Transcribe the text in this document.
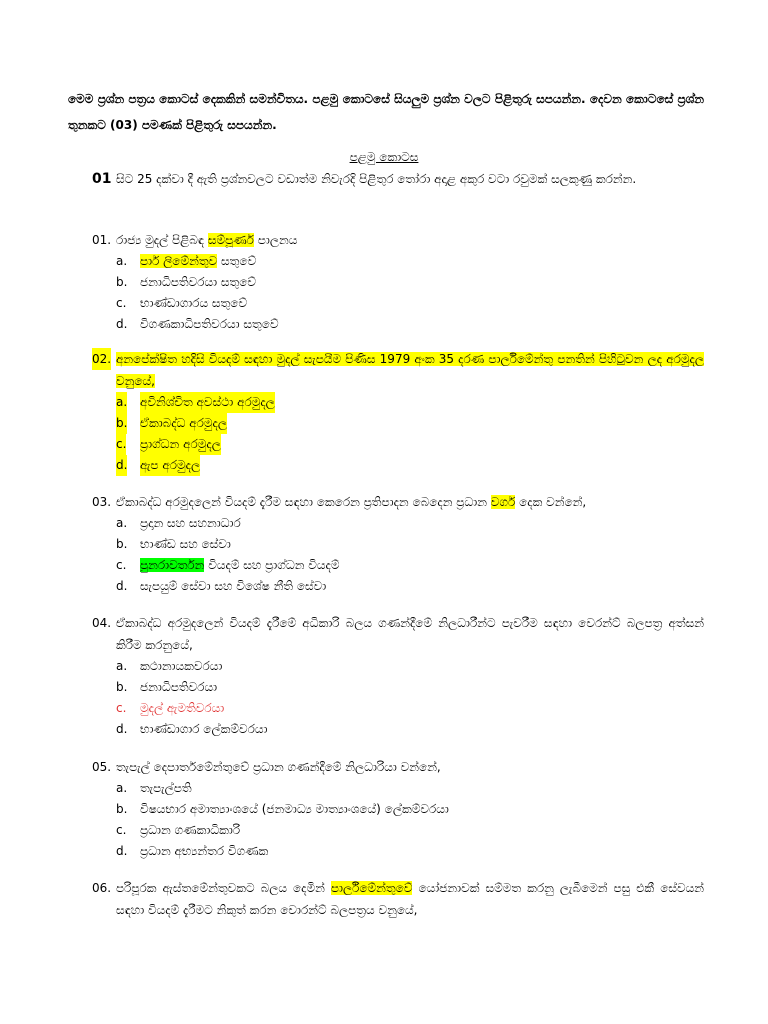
මෙම ප්‍රශ්න පත්‍රය කොටස් දෙකකින් සමන්විතය. පළමු කොටසේ සියලුම ප්‍රශ්න වලට පිළිතුරු සපයන්න. දෙවන කොටසේ ප්‍රශ්න තුනකට (03) පමණක් පිළිතුරු සපයන්න.
පළමු කොටස
01 සිට 25 දක්වා දී ඇති ප්‍රශ්නවලට වඩාත්ම නිවැරදි පිළිතුර තෝරා අදාළ අකුර වටා රවුමක් සලකුණු කරන්න.
01. රාජ්‍ය මුදල් පිළිබඳ සම්පූර්ණ පාලනය
a. පාර් ලිමේන්තුව සතුවේ
b. ජනාධිපතිවරයා සතුවේ
c. භාණ්ඩාගාරය සතුවේ
d. විගණකාධිපතිවරයා සතුවේ
02. අනපේක්ෂිත හදිසි වියදම් සඳහා මුදල් සැපයීම පිණිස 1979 අංක 35 දරණ පාර්ලිමේන්තු පනතින් පිහිටුවන ලද අරමුදල වනුයේ,
a. අවිනිශ්චිත අවස්ථා අරමුදල
b. ඒකාබද්ධ අරමුදල
c. ප්‍රාග්ධන අරමුදල
d. ඇප අරමුදල
03. ඒකාබද්ධ අරමුදලෙන් වියදම් දැරීම සඳහා කෙරෙන ප්‍රතිපාදන බෙදෙන ප්‍රධාන වර්ග දෙක වන්නේ,
a. ප්‍රදාන සහ සහනාධාර
b. භාණ්ඩ සහ සේවා
c. පුනරාවර්තන වියදම් සහ ප්‍රාග්ධන වියදම්
d. සැපයුම් සේවා සහ විශේෂ නීති සේවා
04. ඒකාබද්ධ අරමුදලෙන් වියදම් දැරීමේ අධිකාරි බලය ගණන්දීමේ නිලධාරීන්ට පැවරීම සඳහා වෙරන්ට් බලපත්‍ර අත්සන් කිරීම කරනුයේ,
a. කථානායකවරයා
b. ජනාධිපතිවරයා
c. මුදල් ඇමතිවරයා
d. භාණ්ඩාගාර ලේකම්වරයා
05. තැපැල් දෙපාර්තමේන්තුවේ ප්‍රධාන ගණන්දීමේ නිලධාරියා වන්නේ,
a. තැපැල්පති
b. විෂයභාර අමාත්‍යාංශයේ (ජනමාධ්‍ය මාත්‍යාංශයේ) ලේකම්වරයා
c. ප්‍රධාන ගණකාධිකාරි
d. ප්‍රධාන අභ්‍යන්තර විගණක
06. පරිපූරක ඇස්තමේන්තුවකට බලය දෙමින් පාර්ලිමේන්තුවේ යෝජනාවක් සම්මත කරනු ලැබීමෙන් පසු එකී සේවයන් සඳහා වියදම් දැරීමට නිකුත් කරන වොරන්ට් බලපත්‍රය වනුයේ,
